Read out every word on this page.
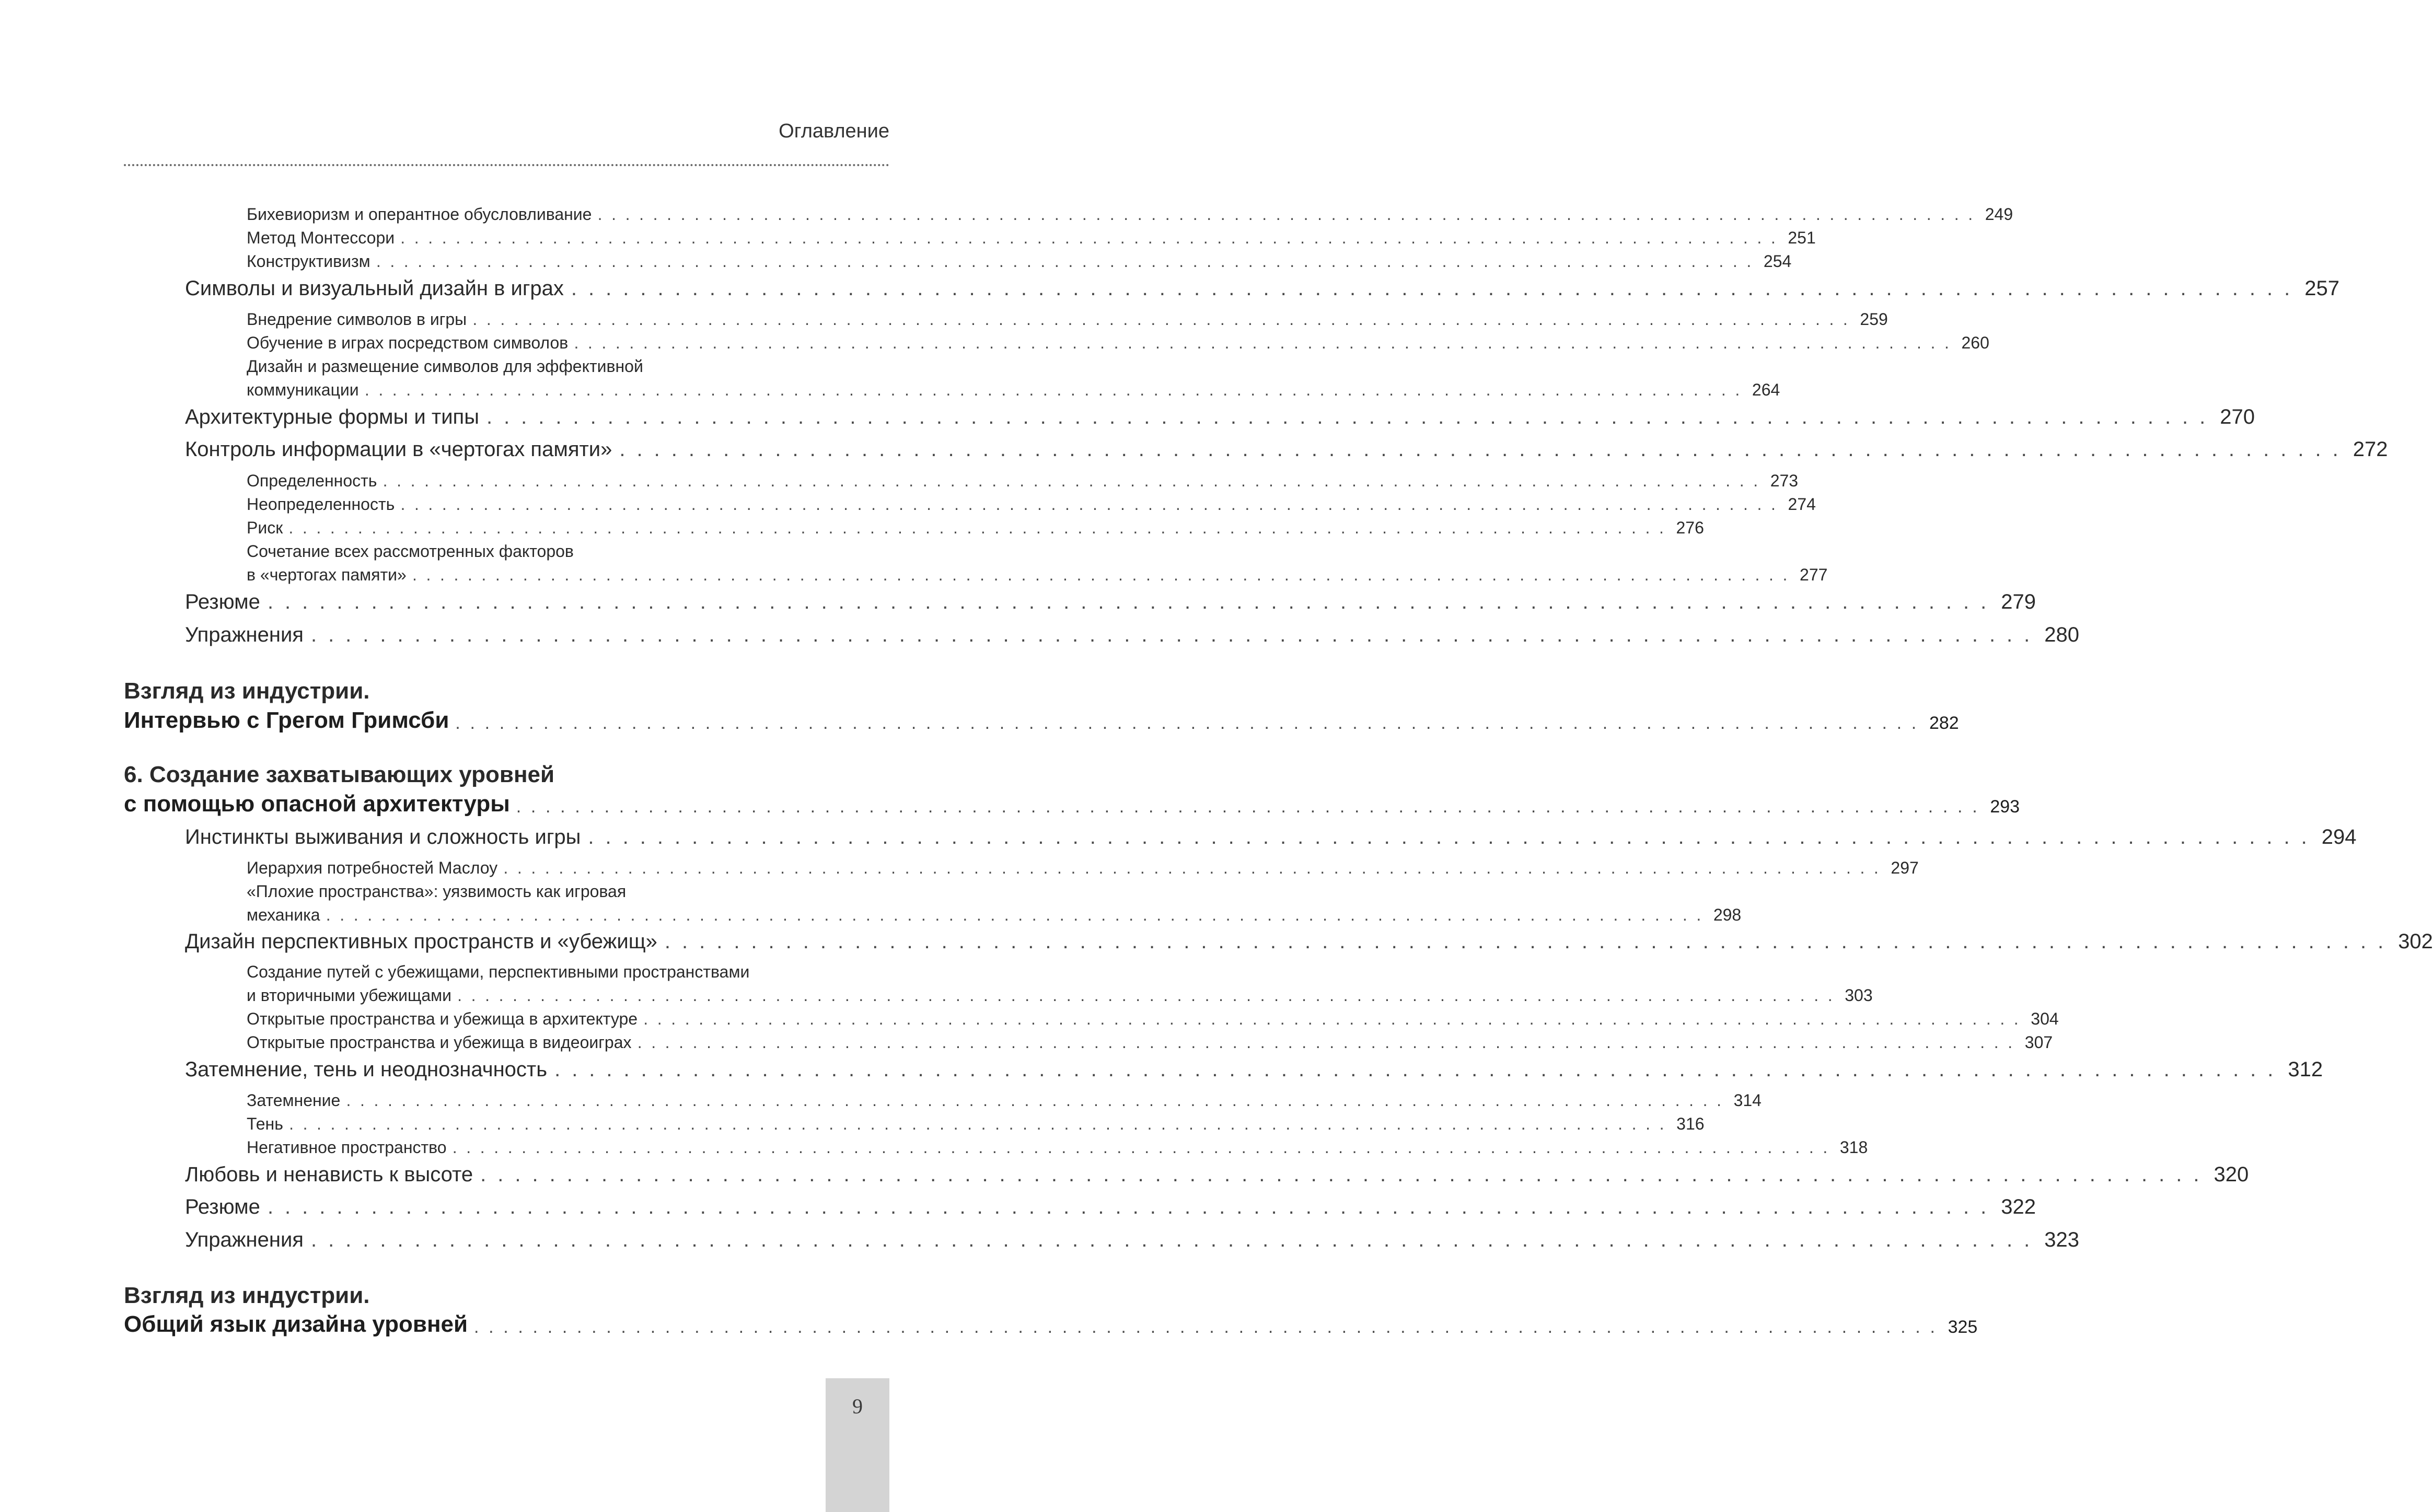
Оглавление
Бихевиоризм и оперантное обусловливание .................................................................................................... 249
Метод Монтессори .................................................................................................... 251
Конструктивизм .................................................................................................... 254
Символы и визуальный дизайн в играх .................................................................................................... 257
Внедрение символов в игры .................................................................................................... 259
Обучение в играх посредством символов .................................................................................................... 260
Дизайн и размещение символов для эффективной
коммуникации .................................................................................................... 264
Архитектурные формы и типы .................................................................................................... 270
Контроль информации в «чертогах памяти» .................................................................................................... 272
Определенность .................................................................................................... 273
Неопределенность .................................................................................................... 274
Риск .................................................................................................... 276
Сочетание всех рассмотренных факторов
в «чертогах памяти» .................................................................................................... 277
Резюме .................................................................................................... 279
Упражнения .................................................................................................... 280
Взгляд из индустрии.
Интервью с Грегом Гримсби .................................................................................................... 282
6. Создание захватывающих уровней
с помощью опасной архитектуры .................................................................................................... 293
Инстинкты выживания и сложность игры .................................................................................................... 294
Иерархия потребностей Маслоу .................................................................................................... 297
«Плохие пространства»: уязвимость как игровая
механика .................................................................................................... 298
Дизайн перспективных пространств и «убежищ» .................................................................................................... 302
Создание путей с убежищами, перспективными пространствами
и вторичными убежищами .................................................................................................... 303
Открытые пространства и убежища в архитектуре .................................................................................................... 304
Открытые пространства и убежища в видеоиграх .................................................................................................... 307
Затемнение, тень и неоднозначность .................................................................................................... 312
Затемнение .................................................................................................... 314
Тень .................................................................................................... 316
Негативное пространство .................................................................................................... 318
Любовь и ненависть к высоте .................................................................................................... 320
Резюме .................................................................................................... 322
Упражнения .................................................................................................... 323
Взгляд из индустрии.
Общий язык дизайна уровней .................................................................................................... 325
9
